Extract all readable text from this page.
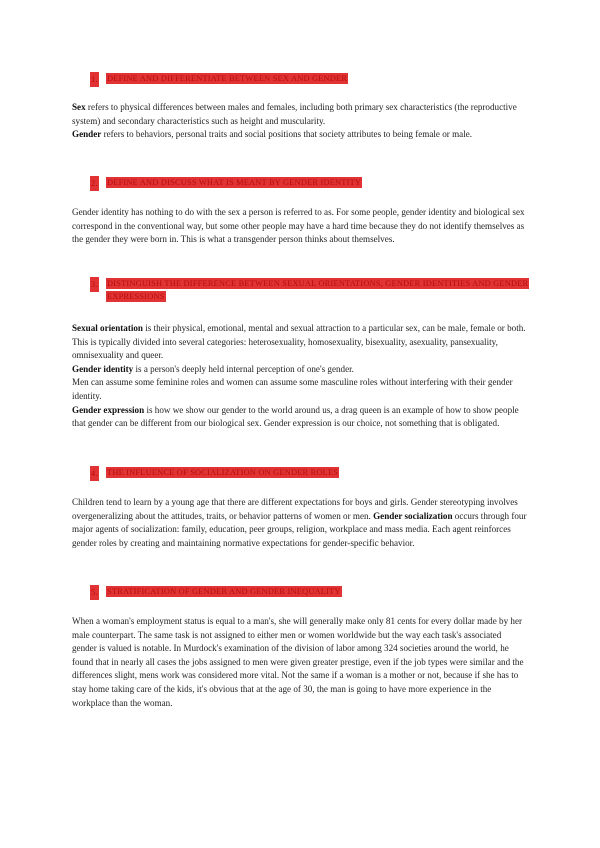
1.	DEFINE AND DIFFERENTIATE BETWEEN SEX AND GENDER

Sex refers to physical differences between males and females, including both primary sex characteristics (the reproductive system) and secondary characteristics such as height and muscularity.

Gender refers to behaviors, personal traits and social positions that society attributes to being female or male.

2.	DEFINE AND DISCUSS WHAT IS MEANT BY GENDER IDENTITY

Gender identity has nothing to do with the sex a person is referred to as. For some people, gender identity and biological sex correspond in the conventional way, but some other people may have a hard time because they do not identify themselves as the gender they were born in. This is what a transgender person thinks about themselves.

3.	DISTINGUISH THE DIFFERENCE BETWEEN SEXUAL ORIENTATIONS, GENDER IDENTITIES AND GENDER EXPRESSIONS

Sexual orientation is their physical, emotional, mental and sexual attraction to a particular sex, can be male, female or both. This is typically divided into several categories: heterosexuality, homosexuality, bisexuality, asexuality, pansexuality, omnisexuality and queer.

Gender identity is a person's deeply held internal perception of one's gender.

Men can assume some feminine roles and women can assume some masculine roles without interfering with their gender identity.

Gender expression is how we show our gender to the world around us, a drag queen is an example of how to show people that gender can be different from our biological sex. Gender expression is our choice, not something that is obligated.

4.	THE INFLUENCE OF SOCIALIZATION ON GENDER ROLES

Children tend to learn by a young age that there are different expectations for boys and girls. Gender stereotyping involves overgeneralizing about the attitudes, traits, or behavior patterns of women or men. Gender socialization occurs through four major agents of socialization: family, education, peer groups, religion, workplace and mass media. Each agent reinforces gender roles by creating and maintaining normative expectations for gender-specific behavior.

5.	STRATIFICATION OF GENDER AND GENDER INEQUALITY

When a woman's employment status is equal to a man's, she will generally make only 81 cents for every dollar made by her male counterpart. The same task is not assigned to either men or women worldwide but the way each task's associated gender is valued is notable. In Murdock's examination of the division of labor among 324 societies around the world, he found that in nearly all cases the jobs assigned to men were given greater prestige, even if the job types were similar and the differences slight, mens work was considered more vital. Not the same if a woman is a mother or not, because if she has to stay home taking care of the kids, it's obvious that at the age of 30, the man is going to have more experience in the workplace than the woman.
